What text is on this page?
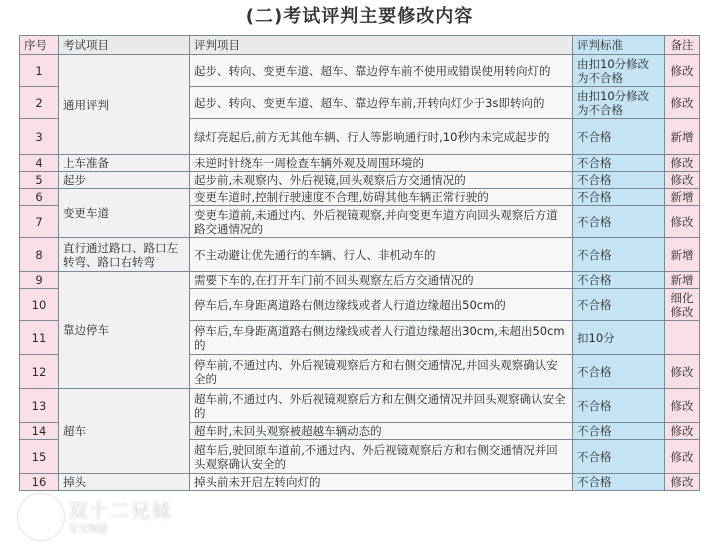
(二)考试评判主要修改内容
序号	考试项目	评判项目	评判标准	备注
1	通用评判	起步、转向、变更车道、超车、靠边停车前不使用或错误使用转向灯的	由扣10分修改为不合格	修改
2		起步、转向、变更车道、超车、靠边停车前,开转向灯少于3s即转向的	由扣10分修改为不合格	修改
3		绿灯亮起后,前方无其他车辆、行人等影响通行时,10秒内未完成起步的	不合格	新增
4	上车准备	未逆时针绕车一周检查车辆外观及周围环境的	不合格	修改
5	起步	起步前,未观察内、外后视镜,回头观察后方交通情况的	不合格	修改
6	变更车道	变更车道时,控制行驶速度不合理,妨碍其他车辆正常行驶的	不合格	新增
7		变更车道前,未通过内、外后视镜观察,并向变更车道方向回头观察后方道路交通情况的	不合格	修改
8	直行通过路口、路口左转弯、路口右转弯	不主动避让优先通行的车辆、行人、非机动车的	不合格	新增
9	靠边停车	需要下车的,在打开车门前不回头观察左后方交通情况的	不合格	新增
10		停车后,车身距离道路右侧边缘线或者人行道边缘超出50cm的	不合格	细化修改
11		停车后,车身距离道路右侧边缘线或者人行道边缘超出30cm,未超出50cm的	扣10分	
12		停车前,不通过内、外后视镜观察后方和右侧交通情况,并回头观察确认安全的	不合格	修改
13	超车	超车前,不通过内、外后视镜观察后方和左侧交通情况并回头观察确认安全的	不合格	修改
14		超车时,未回头观察被超越车辆动态的	不合格	修改
15		超车后,驶回原车道前,不通过内、外后视镜观察后方和右侧交通情况并回头观察确认安全的	不合格	修改
16	掉头	掉头前未开启左转向灯的	不合格	修改
双十二兄妹
宝宝知道
